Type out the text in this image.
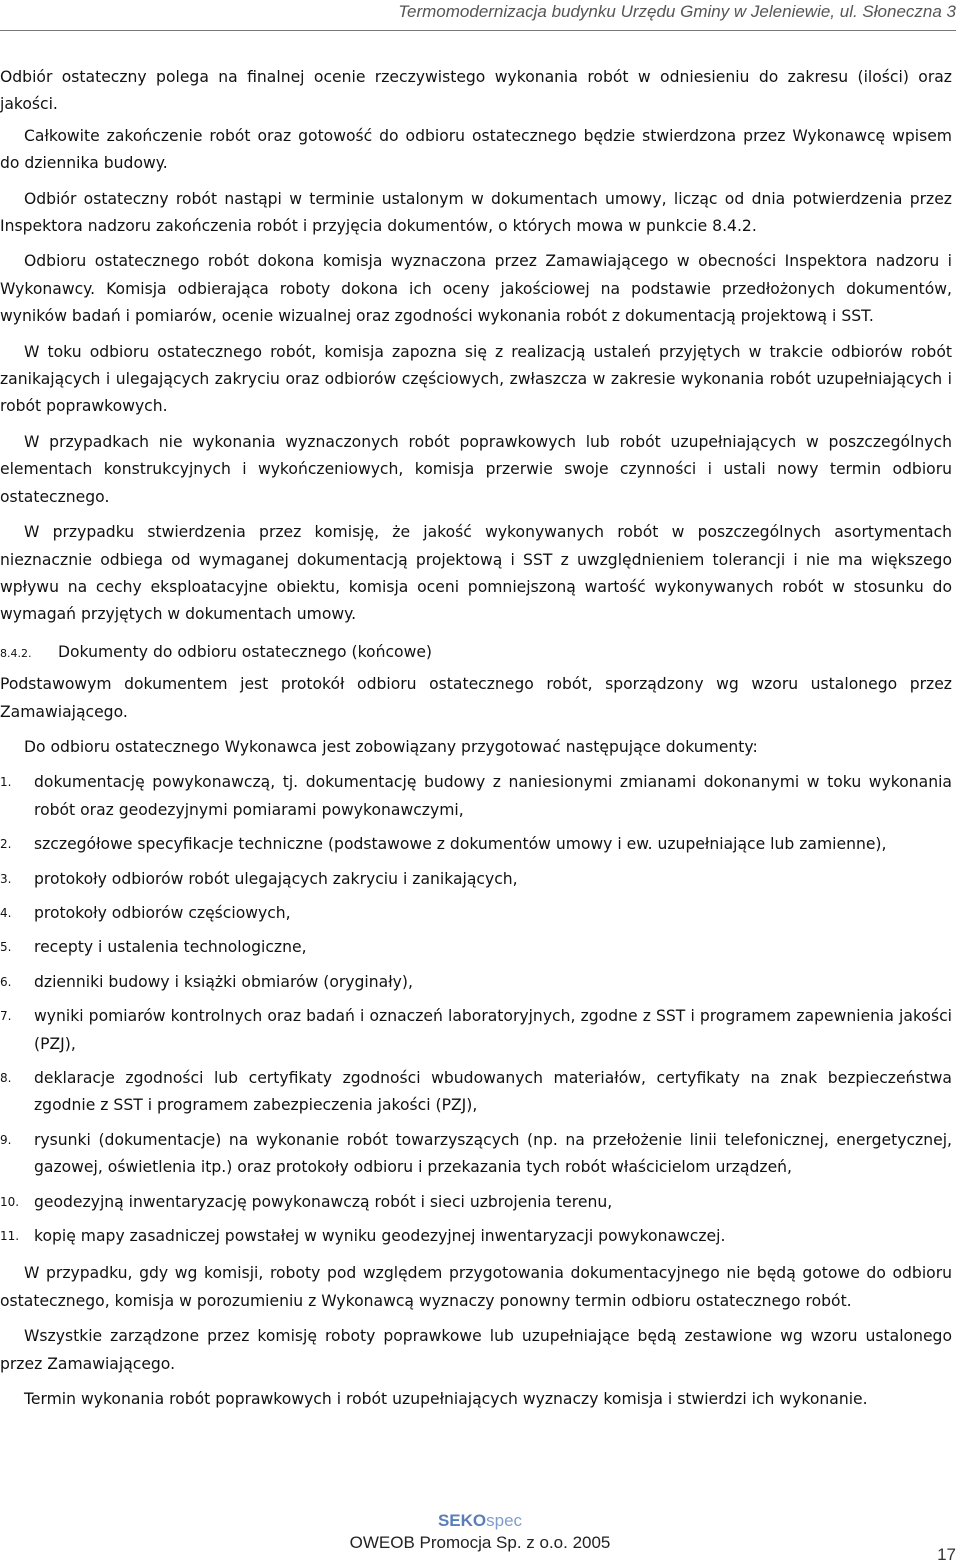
Termomodernizacja budynku Urzędu Gminy w Jeleniewie, ul. Słoneczna 3

Odbiór ostateczny polega na finalnej ocenie rzeczywistego wykonania robót w odniesieniu do zakresu (ilości) oraz jakości.

Całkowite zakończenie robót oraz gotowość do odbioru ostatecznego będzie stwierdzona przez Wykonawcę wpisem do dziennika budowy.

Odbiór ostateczny robót nastąpi w terminie ustalonym w dokumentach umowy, licząc od dnia potwierdzenia przez Inspektora nadzoru zakończenia robót i przyjęcia dokumentów, o których mowa w punkcie 8.4.2.

Odbioru ostatecznego robót dokona komisja wyznaczona przez Zamawiającego w obecności Inspektora nadzoru i Wykonawcy. Komisja odbierająca roboty dokona ich oceny jakościowej na podstawie przedłożonych dokumentów, wyników badań i pomiarów, ocenie wizualnej oraz zgodności wykonania robót z dokumentacją projektową i SST.

W toku odbioru ostatecznego robót, komisja zapozna się z realizacją ustaleń przyjętych w trakcie odbiorów robót zanikających i ulegających zakryciu oraz odbiorów częściowych, zwłaszcza w zakresie wykonania robót uzupełniających i robót poprawkowych.

W przypadkach nie wykonania wyznaczonych robót poprawkowych lub robót uzupełniających w poszczególnych elementach konstrukcyjnych i wykończeniowych, komisja przerwie swoje czynności i ustali nowy termin odbioru ostatecznego.

W przypadku stwierdzenia przez komisję, że jakość wykonywanych robót w poszczególnych asortymentach nieznacznie odbiega od wymaganej dokumentacją projektową i SST z uwzględnieniem tolerancji i nie ma większego wpływu na cechy eksploatacyjne obiektu, komisja oceni pomniejszoną wartość wykonywanych robót w stosunku do wymagań przyjętych w dokumentach umowy.

8.4.2. Dokumenty do odbioru ostatecznego (końcowe)

Podstawowym dokumentem jest protokół odbioru ostatecznego robót, sporządzony wg wzoru ustalonego przez Zamawiającego.

Do odbioru ostatecznego Wykonawca jest zobowiązany przygotować następujące dokumenty:

1.	dokumentację powykonawczą, tj. dokumentację budowy z naniesionymi zmianami dokonanymi w toku wykonania robót oraz geodezyjnymi pomiarami powykonawczymi,
2.	szczegółowe specyfikacje techniczne (podstawowe z dokumentów umowy i ew. uzupełniające lub zamienne),
3.	protokoły odbiorów robót ulegających zakryciu i zanikających,
4.	protokoły odbiorów częściowych,
5.	recepty i ustalenia technologiczne,
6.	dzienniki budowy i książki obmiarów (oryginały),
7.	wyniki pomiarów kontrolnych oraz badań i oznaczeń laboratoryjnych, zgodne z SST i programem zapewnienia jakości (PZJ),
8.	deklaracje zgodności lub certyfikaty zgodności wbudowanych materiałów, certyfikaty na znak bezpieczeństwa zgodnie z SST i programem zabezpieczenia jakości (PZJ),
9.	rysunki (dokumentacje) na wykonanie robót towarzyszących (np. na przełożenie linii telefonicznej, energetycznej, gazowej, oświetlenia itp.) oraz protokoły odbioru i przekazania tych robót właścicielom urządzeń,
10. geodezyjną inwentaryzację powykonawczą robót i sieci uzbrojenia terenu,
11. kopię mapy zasadniczej powstałej w wyniku geodezyjnej inwentaryzacji powykonawczej.

W przypadku, gdy wg komisji, roboty pod względem przygotowania dokumentacyjnego nie będą gotowe do odbioru ostatecznego, komisja w porozumieniu z Wykonawcą wyznaczy ponowny termin odbioru ostatecznego robót.

Wszystkie zarządzone przez komisję roboty poprawkowe lub uzupełniające będą zestawione wg wzoru ustalonego przez Zamawiającego.

Termin wykonania robót poprawkowych i robót uzupełniających wyznaczy komisja i stwierdzi ich wykonanie.

SEKOspec
OWEOB Promocja Sp. z o.o. 2005
17
